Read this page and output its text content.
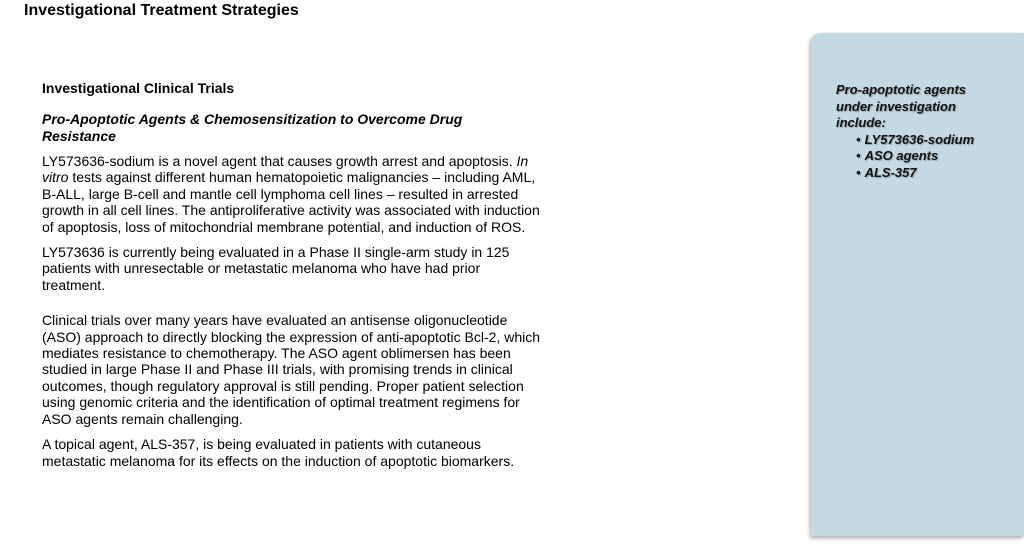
Investigational Treatment Strategies
Investigational Clinical Trials
Pro-Apoptotic Agents & Chemosensitization to Overcome Drug Resistance

LY573636-sodium is a novel agent that causes growth arrest and apoptosis. In vitro tests against different human hematopoietic malignancies – including AML, B-ALL, large B-cell and mantle cell lymphoma cell lines – resulted in arrested growth in all cell lines. The antiproliferative activity was associated with induction of apoptosis, loss of mitochondrial membrane potential, and induction of ROS.

LY573636 is currently being evaluated in a Phase II single-arm study in 125 patients with unresectable or metastatic melanoma who have had prior treatment.

Clinical trials over many years have evaluated an antisense oligonucleotide (ASO) approach to directly blocking the expression of anti-apoptotic Bcl-2, which mediates resistance to chemotherapy. The ASO agent oblimersen has been studied in large Phase II and Phase III trials, with promising trends in clinical outcomes, though regulatory approval is still pending. Proper patient selection using genomic criteria and the identification of optimal treatment regimens for ASO agents remain challenging.

A topical agent, ALS-357, is being evaluated in patients with cutaneous metastatic melanoma for its effects on the induction of apoptotic biomarkers.

Pro-apoptotic agents under investigation include:
• LY573636-sodium
• ASO agents
• ALS-357
